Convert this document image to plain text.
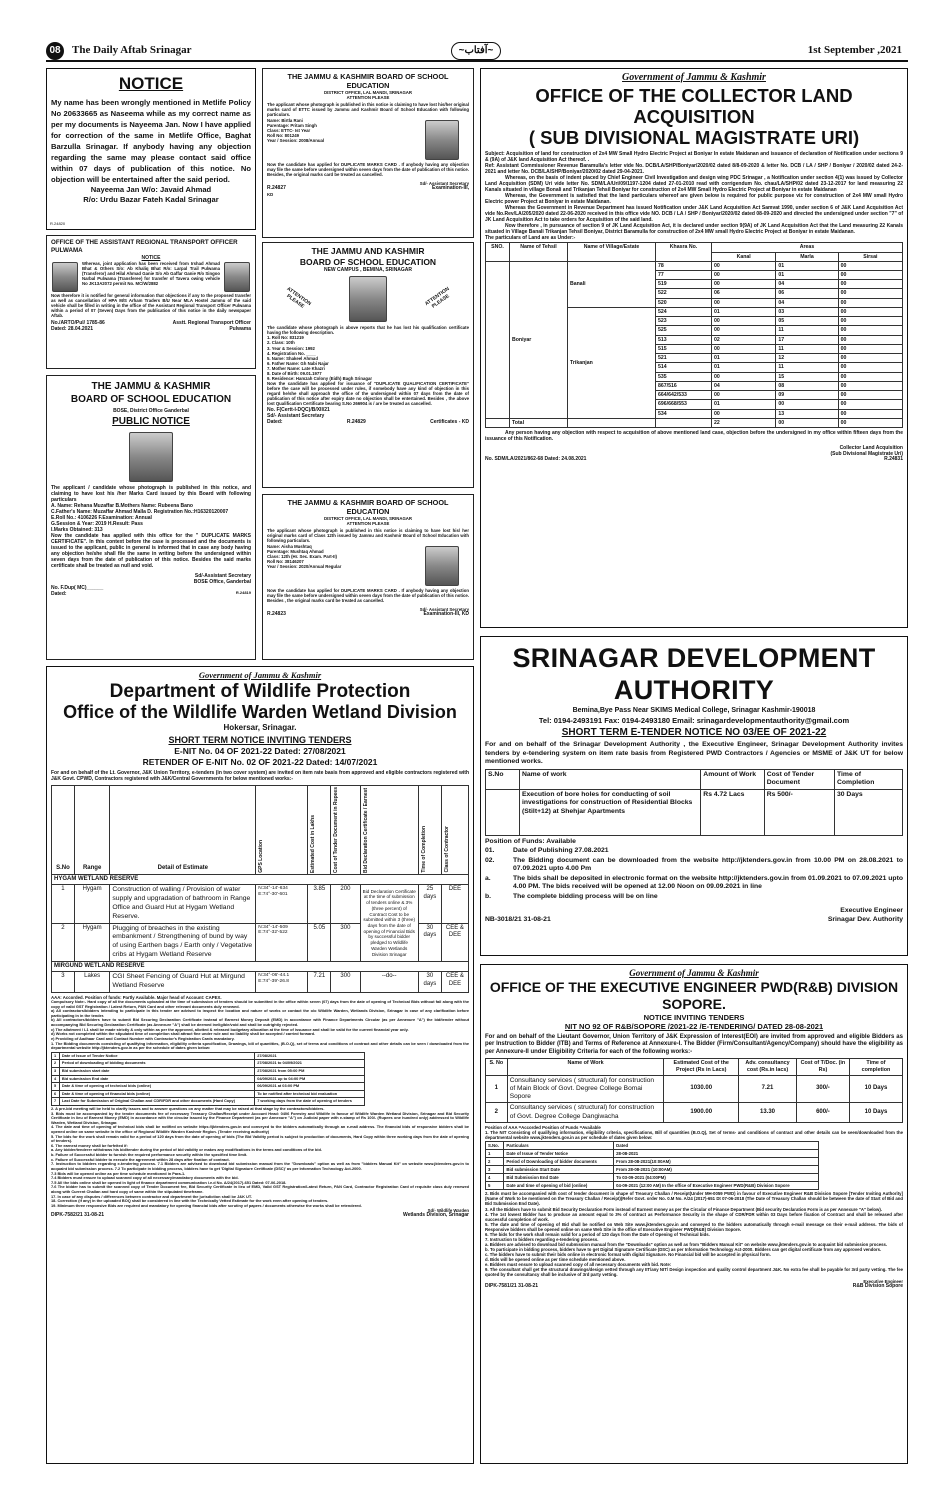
08	The Daily Aftab Srinagar	~آفتاب~	1st September ,2021
NOTICE
My name has been wrongly mentioned in Metlife Policy No 20633665 as Naseema while as my correct name as per my documents is Nayeema Jan. Now I have applied for correction of the same in Metlife Office, Baghat Barzulla Srinagar. If anybody having any objection regarding the same may please contact said office within 07 days of publication of this notice. No objection will be entertained after the said period.
Nayeema Jan W/o: Javaid Ahmad
R/o: Urdu Bazar Fateh Kadal Srinagar
R.24820
OFFICE OF THE ASSISTANT REGIONAL TRANSPORT OFFICER PULWAMA
NOTICE
Whereas, joint application has been received from Irshad Ahmad Bhat & Others S/o: Ab Khaliq Bhat R/o: Larpal Trail Pulwama (Transferor) and Hilal Ahmad Ganie S/o Ab Gaffar Ganie R/o Singoo Narbal Pulwama (Transferee) for transfer of Tavera owing vehicle No JK13A2072 permit No. MC/W/2882
Now therefore it is notified for general information that objections if any to the proposed transfer as well as cancellation of HPA M/S Arham Traders B/U Near MLA Hostel Jammu of the said vehicle shall be filled in writing in the office of the Assistant Regional Transport Officer Pulwama within a period of 07 (Seven) Days from the publication of this notice in the daily newspaper Aftab.
No./ARTO/Pul/ 1785-86	Asstt. Regional Transport Officer
Dated: 28.04.2021	Pulwama
THE JAMMU & KASHMIR
BOARD OF SCHOOL EDUCATION
BOSE, District Office Ganderbal
PUBLIC NOTICE
The applicant / candidate whose photograph is published in this notice, and claiming to have lost his /her Marks Card issued by this Board with following particulars
A. Name: Rehana Muzaffar B.Mothers Name: Rubeena Bano
C.Father's Name: Muzaffar Ahmad Malla D. Registration No.:H16320120007
E.Roll No.: 4106226 F.Examination: Annual
G.Session & Year: 2019 H.Result: Pass
I.Marks Obtained: 313
Now the candidate has applied with this office for the " DUPLICATE MARKS CERTIFICATE". In this context before the case is processed and the documents is issued to the applicant, public in general is informed that in case any body having any objection he/she shall file the same in writing before the undersigned within seven days from the date of publication of this notice. Besides the said marks certificate shall be treated as null and void.
Sd/-Assistant Secretary
BOSE Office, Ganderbal
No. F.Dup( MC)______
Dated:	R.24819
THE JAMMU & KASHMIR BOARD OF SCHOOL EDUCATION
DISTRICT OFFICE, LAL MANDI, SRINAGAR
ATTENTION PLEASE
The applicant whose photograph is published in this notice is claiming to have lost his/her original marks card of ETTC issued by Jammu and Kashmir Board of School Education with following particulars.
Name: Birtla Rani
Parentage: Pritam Singh
Class: ETTC- Ist Year
Roll No: 801249
Year / Session: 2008/Annual
Now the candidate has applied for DUPLICATE MARKS CARD . If anybody having any objection may file the same before undersigned within seven days from the date of publication of this notice. Besides, the original marks card be treated as cancelled.
Sd/- Assistant Secretary
R.24827	Examination-III,
KD
THE JAMMU AND KASHMIR
BOARD OF SCHOOL EDUCATION
NEW CAMPUS , BEMINA, SRINAGAR
ATTENTION PLEASE	ATTENTION PLEASE
The candidate whose photograph is above reports that he has lost his qualification certificate having the following description.
1. Roll No: 831219
2. Class: 10th
3. Year & Session: 1992
4. Registration No. ____
5. Name: Shakeel Ahmad
6. Father Name: Gh Nabi Najar
7. Mother Name: Late Khazri
8. Date of Birth: 09.01.1977
9. Residence: Hamzah Colony (Eidh) Bagh Srinagar
Now the candidate has applied for issuance of "DUPLICATE QUALIFICATION CERTIFICATE" before the case will be processed under rules, if somebody have any kind of objection in this regard he/she shall approach the office of the undersigned within 07 days from the date of publication of this notice after expiry date no objection shall be entertained. Besides , the above lost Qualification Certificate bearing S.No 266904 is / are be treated as cancelled.
No. F(Certt-I-DQC)/B/XII/21
Sd/- Assistant Secretary
Dated:	R.24829	Certificates - KD
THE JAMMU & KASHMIR BOARD OF SCHOOL EDUCATION
DISTRICT OFFICE, LAL MANDI, SRINAGAR
ATTENTION PLEASE
The applicant whose photograph is published in this notice is claiming to have lost his/ her original marks card of Class 12th issued by Jammu and Kashmir Board of School Education with following particulars.
Name: Aisha Mushtaq
Parentage: Mushtaq Ahmad
Class: 12th (Hr. Sec. Exam. Part-II)
Roll No: 38146207
Year / Session: 2020/Annual Regular
Now the candidate has applied for DUPLICATE MARKS CARD . If anybody having any objection may file the same before undersigned within seven days from the date of publication of this notice. Besides , the original marks card be treated as cancelled.
Sd/- Assistant Secretary
R.24823	Examination-III, KD
Government of Jammu & Kashmir
OFFICE OF THE COLLECTOR LAND ACQUISITION
( SUB DIVISIONAL MAGISTRATE URI)
Subject: Acquisition of land for construction of 2x4 MW Small Hydro Electric Project at Boniyar In estate Maidanan and issuance of declaration of Notification under sections 9 & (9A) of J&K land Acquisition Act thereof. .
Ref: Assistant Commissioner Revenue Baramulla's letter vide No. DCB/LA/SHP/Boniyar/2020/02 dated 8/8-09-2020 & letter No. DCB / LA / SHP / Boniyar / 2020/02 dated 24-2-2021 and letter No. DCB/LA/SHP/Boniyar/2020/02 dated 29-04-2021.
Whereas, on the basis of indent placed by Chief Engineer Civil Investigation and design wing PDC Srinagar , a Notification under section 4(1) was issued by Collector Land Acquisition (SDM) Uri vide letter No. SDM/LA/Uri/09/1197-1204 dated 27-01-2010 read with corrigendum No. chau/LA/SHP/02 dated 23-12-2017 for land measuring 22 Kanals situated in village Bonali and Trikanjan Tehsil Boniyar for construction of 2x4 MW Small Hydro Electric Project at Boniyar in estate Maidanan
Whereas, the Government is satisfied that the land particulars whereof are given below is required for public purpose viz for construction of 2x4 MW small Hydro Electric power Project at Boniyar in estate Maidanan.
Whereas the Government in Revenue Department has issued Notification under J&K Land Acquisition Act Samvat 1990, under section 6 of J&K Land Acquisition Act vide No.Rev/LA/205/2020 dated 22-06-2020 received in this office vide NO. DCB / LA / SHP / Boniyar/2020/02 dated 08-09-2020 and directed the undersigned under section "7" of JK Land Acquisition Act to take orders for Acquisition of the said land.
Now therefore , in pursuance of section 9 of JK Land Acquisition Act, it is declared under section 9(9A) of JK Land Acquisition Act that the Land measuring 22 Kanals situated in Village Banali Trikanjan Tehsil Boniyar, District Baramulla for construction of 2x4 MW small Hydro Electric Project at Boniyar in estate Maidanan.
The particulars of Land are as Under:-
SNO.	Name of Tehsil	Name of Village/Estate	Khasra No.	Areas		
				Kanal	Marla	Sirsai
	Boniyar	Banali	78	00	01	00
			77	00	01	00
			519	00	04	00
			522	06	06	00
			520	00	04	00
		Trikanjan	524	01	03	00
			523	00	05	00
			525	00	11	00
			513	02	17	00
			515	00	11	00
			521	01	12	00
			514	01	11	00
			535	00	15	00
			867/516	04	08	00
			664/642/533	00	09	00
			696/668/553	01	00	00
			534	00	13	00
	Total			22	00	00
Any person having any objection with respect to acquisition of above mentioned land case, objection before the undersigned in my office within fifteen days from the issuance of this Notification.
Collector Land Acquisition
(Sub Divisional Magistrate Uri)
No. SDM/LA/2021/862-68 Dated: 24.08.2021	R.24831
Government of Jammu & Kashmir
Department of Wildlife Protection
Office of the Wildlife Warden Wetland Division
Hokersar, Srinagar.
SHORT TERM NOTICE INVITING TENDERS
E-NIT No. 04 OF 2021-22 Dated: 27/08/2021
RETENDER OF E-NIT No. 02 OF 2021-22 Dated: 14/07/2021
For and on behalf of the Lt. Governor, J&K Union Territory, e-tenders (in two cover system) are invited on item rate basis from approved and eligible contractors registered with J&K Govt. CPWD, Contractors registered with J&K/Central Governments for below mentioned works:-
S.No	Range	Detail of Estimate	GPS Location	Estimated Cost in Lakhs	Cost of Tender Document in Rupees	Bid Declaration Certificate / Earnest	Time of Completion	Class of Contractor

HYGAM WETLAND RESERVE								
1	Hygam	Construction of walling / Provision of water supply and upgradation of bathroom in Range Office and Guard Hut at Hygam Wetland Reserve.	N:34°-14'-634
E:74°-30'-601	3.85	200	Bid Declaration Certificate at the time of submission of tenders online & 3% (three percent) of Contract Cost to be submitted within 3 (three) days from the date of opening of Financial Bids by successful bidder pledged to Wildlife Warden Wetlands Division Srinagar	25 days	DEE
2	Hygam	Plugging of breaches in the existing embankment / Strengthening of bund by way of using Earthen bags / Earth only / Vegetative cribs at Hygam Wetland Reserve	N:34°-14'-509
E:74°-32'-522	5.05	300		30 days	CEE & DEE
MIRGUND WETLAND RESERVE								
3	Lakes	CGI Sheet Fencing of Guard Hut at Mirgund Wetland Reserve	N:34°-06'-44.1
E:74°-39'-26.8	7.21	300	--do--	30 days	CEE & DEE
AAA: Accorded. Position of funds: Partly Available. Major head of Account: CAPEX.
Compulsory Note:- Hard copy of all the documents uploaded at the time of submission of tenders should be submitted in the office within seven (07) days from the date of opening of Technical Bids without fail along with the copy of valid GST Registration / Latest Return, PAN Card and other relevant documents duly renewed.
a) All contractors/bidders intending to participate in this tender are advised to inspect the location and nature of works or contact the o/o Wildlife Warden, Wetlands Division, Srinagar in case of any clarification before participating in in the tender.
b) All contractors/bidders have to submit Bid Securing Declaration Certificate instead of Earnest Money Deposit (EMD) in accordance with Finance Departments Circular (as per Annexure "A") the bid/tender without accompanying Bid Securing Declaration Certificate (as Annexure "A") shall be deemed ineligible/void and shall be outrightly rejected.
c) The allotment / L1 shall be made strictly & only within as per the approved, allotted & released budgetary allocation at the time of issuance and shall be valid for the current financial year only.
d) Works not completed within the stipulated time of completion shall attract fine under rule and no liability shall be accepted / carried forward.
e) Providing of Aadhaar Card and Contact Number with Contractor's Registration Cards mandatory.
1. The Bidding documents consisting of qualifying information, eligibility criteria specification, Drawings, bill of quantities, (B.O.Q), set of terms and conditions of contract and other details can be seen / downloaded from the departmental website http://jktenders.gov.in as per the schedule of dates given below:
1	Date of Issue of Tender Notice	27/08/2021
2	Period of downloading of bidding documents	27/08/2021 to 04/09/2021
3	Bid submission start date	27/08/2021 from 05:00 PM
4	Bid submission End date	04/09/2021 up to 04:00 PM
5	Date & time of opening of technical bids (online)	06/09/2021 at 03:00 PM
6	Date & time of opening of financial bids (online)	To be notified after technical bid evaluation
7	Last Date for Submission of Original Challan and CDR/FDR and other documents (Hard Copy)	7 working days from the date of opening of tenders
2. A pre-bid meeting will be held to clarify issues and to answer questions on any matter that may be raised at that stage by the contractors/bidders.
3. Bids must be accompanied by the tender documents fee of necessary Treasury Challan/Receipt under Account Head: 0406 Forestry and Wildlife in favour of Wildlife Warden Wetland Division, Srinagar and Bid Security Certificate in lieu of Earnest Money (EMD) in accordance with the circular issued by the Finance Department (as per Annexure "A") on Judicial paper with e-stamp of Rs 100/- (Rupees one hundred only) addressed to Wildlife Warden, Wetland Division, Srinagar.
4. The date and time of opening of technical bids shall be notified on website https://jktenders.gov.in and conveyed to the bidders automatically through an e-mail address. The financial bids of responsive bidders shall be opened online on same website in the office of Regional Wildlife Warden Kashmir Region. (Tender receiving authority)
5. The bids for the work shall remain valid for a period of 120 days from the date of opening of bids (The Bid Validity period is subject to production of documents, Hard Copy within three working days from the date of opening of tenders).
6. The earnest money shall be forfeited if:
a. Any bidder/tenderer withdraws his bid/tender during the period of bid validity or makes any modifications in the terms and conditions of the bid.
b. Failure of Successful bidder to furnish the required performance security within the specified time limit.
c. Failure of Successful bidder to execute the agreement within 28 days after fixation of contract.
7. Instruction to bidders regarding e-tendering process. 7.1 Bidders are advised to download bid submission manual from the "Downloads" option as well as from "bidders Manual Kit" on website www.jktenders.gov.in to acquaint bid submission process. 7.2 To participate in bidding process, bidders have to get 'Digital Signature Certificate (DSC)' as per Information Technology Act-2000.
7.3 Bids will be opened online as per time schedule mentioned in Para-1.
7.4 Bidders must ensure to upload scanned copy of all necessary/mandatory documents with the bid.
7.5 All the bids online shall be opened in light of finance department communication i.e.d No. A/24(2017)-651 Dated: 07-06-2018.
7.6 The bidder has to submit the scanned copy of Tender Document fee, Bid Security Certificate in lieu of EMD, Valid GST Registration/Latest Return, PAN Card, Contractor Registration Card of requisite class duly renewed along with Current Challan and hard copy of same within the stipulated timeframe.
17. In case of any disputes / differences between contractor and department the jurisdiction shall be J&K UT.
18. Correction (if any) in the uploaded BOQ shall be considered in line with the Technically Vetted Estimate for the work even after opening of tenders.
19. Minimum three responsive Bids are required and mandatory for opening financial bids after scrutiny of papers / documents otherwise the works shall be retendered.
Sd/- Wildlife Warden
DIPK-7582/21 31-08-21	Wetlands Division, Srinagar
SRINAGAR DEVELOPMENT AUTHORITY
Bemina,Bye Pass Near SKIMS Medical College, Srinagar Kashmir-190018
Tel: 0194-2493191 Fax: 0194-2493180 Email: srinagardevelopmentauthority@gmail.com
SHORT TERM E-TENDER NOTICE NO 03/EE OF 2021-22
For and on behalf of the Srinagar Development Authority , the Executive Engineer, Srinagar Development Authority invites tenders by e-tendering system on item rate basis from Registered PWD Contractors / Agencies or MSME of J&K UT for below mentioned works.
S.No	Name of work	Amount of Work	Cost of Tender Document	Time of Completion
	Execution of bore holes for conducting of soil investigations for construction of Residential Blocks (Stilt+12) at Shehjar Apartments	Rs 4.72 Lacs	Rs 500/-	30 Days
Position of Funds: Available
01.	Date of Publishing 27.08.2021
02.	The Bidding document can be downloaded from the website http://jktenders.gov.in from 10.00 PM on 28.08.2021 to 07.09.2021 upto 4.00 Pm
a.	The bids shall be deposited in electronic format on the website http://jktenders.gov.in from 01.09.2021 to 07.09.2021 upto 4.00 PM. The bids received will be opened at 12.00 Noon on 09.09.2021 in line
b.	The complete bidding process will be on line
Executive Engineer
NB-3018/21 31-08-21	Srinagar Dev. Authority
Government of Jammu & Kashmir
OFFICE OF THE EXECUTIVE ENGINEER PWD(R&B) DIVISION SOPORE.
NOTICE INVITING TENDERS
NIT NO 92 OF R&B/SOPORE /2021-22 /E-TENDERING/ DATED 28-08-2021
For and on behalf of the Lieutant Governor, Union Territory of J&K Expression of Interest(EOI) are invited from approved and eligible Bidders as per Instruction to Bidder (ITB) and Terms of Reference at Annexure-I. The Bidder (Firm/Consultant/Agency/Company) should have the eligibility as per Annexure-II under Eligibility Criteria for each of the following works:-
S. No	Name of Work	Estimated Cost of the Project (Rs in Lacs)	Adv. consultancy cost (Rs.in lacs)	Cost of T/Doc. (in Rs)	Time of completion
1	Consultancy services ( structural) for construction of Main Block of Govt. Degree College Bomai Sopore	1030.00	7.21	300/-	10 Days
2	Consultancy services ( structural) for construction of Govt. Degree College Dangiwacha	1900.00	13.30	600/-	10 Days
Position of AAA =Accorded Position of Funds =Available
1. The NIT Consisting of qualifying information, eligibility criteria, specifications, Bill of quantities (B.O.Q), Set of terms- and conditions of contract and other details can be seen/downloaded from the departmental website www.jktenders.gov.in as per schedule of dates given below:
S.No.	Particulars	Dated
1	Date of Issue of Tender Notice	28-08-2021
2	Period of Downloading of bidder documents	From 28-08-2021(10:00AM)
3	Bid submission Start Date	From 28-08-2021 (10:00AM)
4	Bid Submission End Date	To 03-09-2021 (04:00PM)
5	Date and time of opening of bid (online)	04-09-2021 (12:00 AM) In the office of Executive Engineer PWD(R&B) Division Sopore
2. Bids must be accompanied with cost of tender document in shape of Treasury Challan / Receipt(Under MH-0059 PWD) in favour of Executive Engineer R&B Division Sopore [Tender Inviting Authority] (Name of Work to be mentioned on the Treasury Challan / Receipt)(Refer Govt. order No. 0.M No. A/24 (2017)-651 Dt 07-06-2018 (The Date of Treasury Challan should be between the date of Start of Bid and Bid Submission End Date).
3. All the Bidders have to submit Bid Security Declaration Form instead of Earnest money as per the Circular of Finance Department (Bid security Declaration Form is as per Annexure "A" below).
4. The 1st lowest Bidder has to produce an amount equal to 3% of contract as Performance Security in the shape of CDR/FDR within 03 Days before fixation of Contract and shall be released after successful completion of work.
5. The date and time of opening of Bid shall be notified on Web Site www.jktenders.gov.in and conveyed to the bidders automatically through e-mail message on their e-mail address. The bids of Responsive bidders shall be opened online on same Web Site in the office of Executive Engineer PWD(R&B) Division Sopore.
6. The bids for the work shall remain valid for a period of 120 days from the Date of Opening of Technical bids.
7. Instruction to bidders regarding e-tendering process.
a. Bidders are advised to download bid submission manual from the "Downloads" option as well as from "Bidders Manual Kit" on website www.jktenders.gov.in to acquaint bid submission process.
b. To participate in bidding process, bidders have to get Digital Signature Certificate (DSC) as per Information Technology Act-2000. Bidders can get digital certificate from any approved vendors.
c. The bidders have to submit their bids online in electronic format with digital Signature. No Financial bid will be accepted in physical form.
d. Bids will be opened online as per time schedule mentioned above.
e. Bidders must ensure to upload scanned copy of all necessary documents with bid. Note:
9. The consultant shall get the structural drawings/design vetted through any IIT/any NIT/ Design inspection and quality control department J&K. No extra fee shall be payable for 3rd party vetting. The fee quoted by the consultancy shall be inclusive of 3rd party vetting.
Executive Engineer
DIPK-7581/21 31-08-21	R&B Division Sopore
